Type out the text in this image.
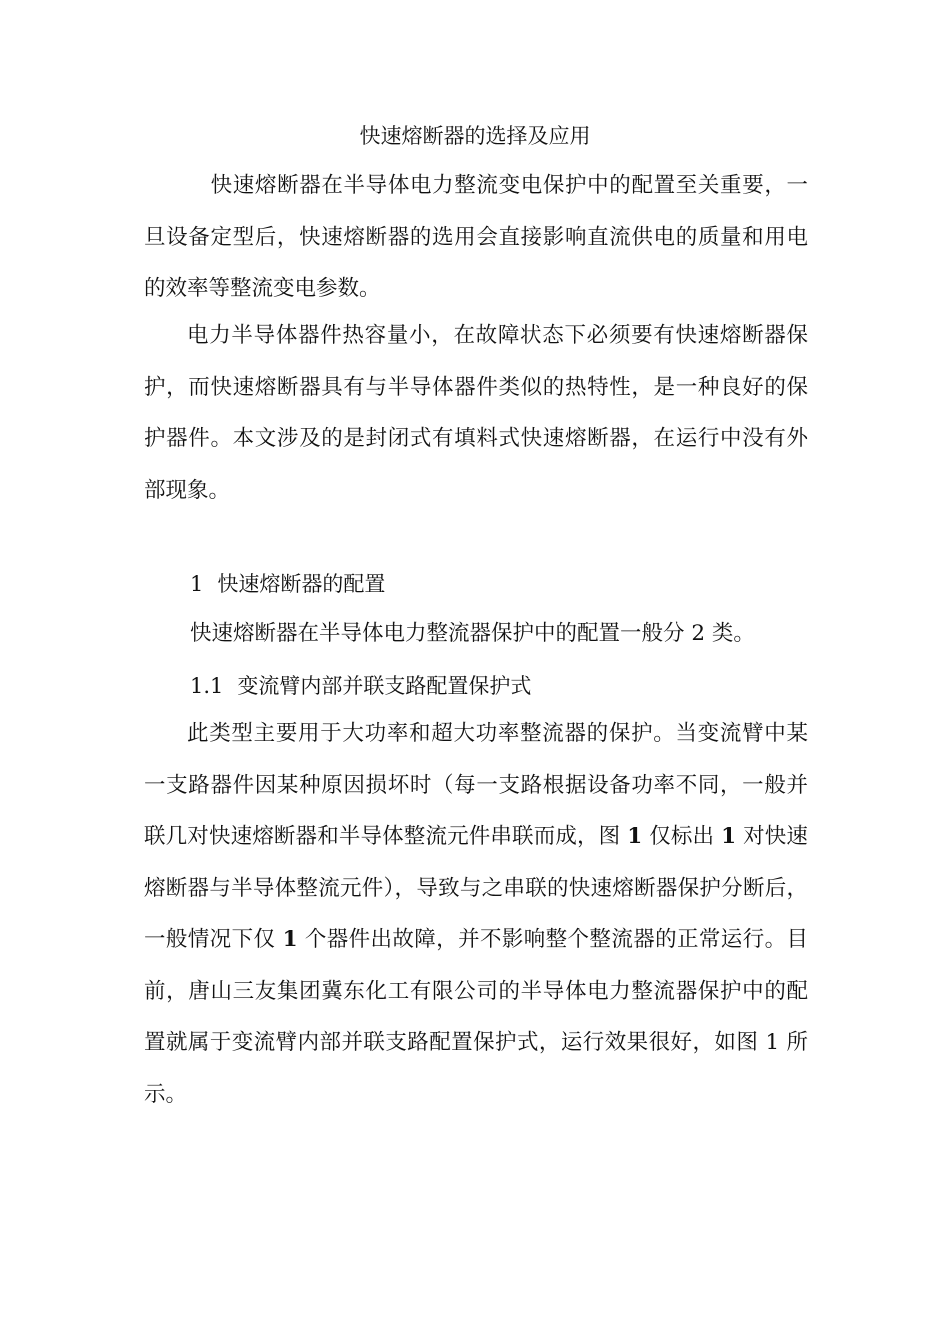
快速熔断器的选择及应用

快速熔断器在半导体电力整流变电保护中的配置至关重要，一旦设备定型后，快速熔断器的选用会直接影响直流供电的质量和用电的效率等整流变电参数。

电力半导体器件热容量小，在故障状态下必须要有快速熔断器保护，而快速熔断器具有与半导体器件类似的热特性，是一种良好的保护器件。本文涉及的是封闭式有填料式快速熔断器，在运行中没有外部现象。

1 快速熔断器的配置
快速熔断器在半导体电力整流器保护中的配置一般分 2 类。
1.1 变流臂内部并联支路配置保护式

此类型主要用于大功率和超大功率整流器的保护。当变流臂中某一支路器件因某种原因损坏时（每一支路根据设备功率不同，一般并联几对快速熔断器和半导体整流元件串联而成，图 1 仅标出 1 对快速熔断器与半导体整流元件），导致与之串联的快速熔断器保护分断后，一般情况下仅 1 个器件出故障，并不影响整个整流器的正常运行。目前，唐山三友集团冀东化工有限公司的半导体电力整流器保护中的配置就属于变流臂内部并联支路配置保护式，运行效果很好，如图 1 所示。
